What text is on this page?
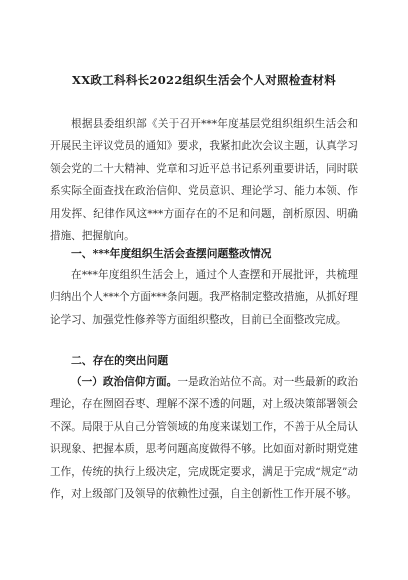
XX政工科科长2022组织生活会个人对照检查材料
根据县委组织部《关于召开***年度基层党组织组织生活会和开展民主评议党员的通知》要求，我紧扣此次会议主题，认真学习领会党的二十大精神、党章和习近平总书记系列重要讲话，同时联系实际全面查找在政治信仰、党员意识、理论学习、能力本领、作用发挥、纪律作风这***方面存在的不足和问题，剖析原因、明确措施、把握航向。
一、***年度组织生活会查摆问题整改情况
在***年度组织生活会上，通过个人查摆和开展批评，共梳理归纳出个人***个方面***条问题。我严格制定整改措施，从抓好理论学习、加强党性修养等方面组织整改，目前已全面整改完成。
二、存在的突出问题
（一）政治信仰方面。一是政治站位不高。对一些最新的政治理论，存在囫囵吞枣、理解不深不透的问题，对上级决策部署领会不深。局限于从自己分管领域的角度来谋划工作，不善于从全局认识现象、把握本质，思考问题高度做得不够。比如面对新时期党建工作，传统的执行上级决定，完成既定要求，满足于完成“规定”动作，对上级部门及领导的依赖性过强，自主创新性工作开展不够。
